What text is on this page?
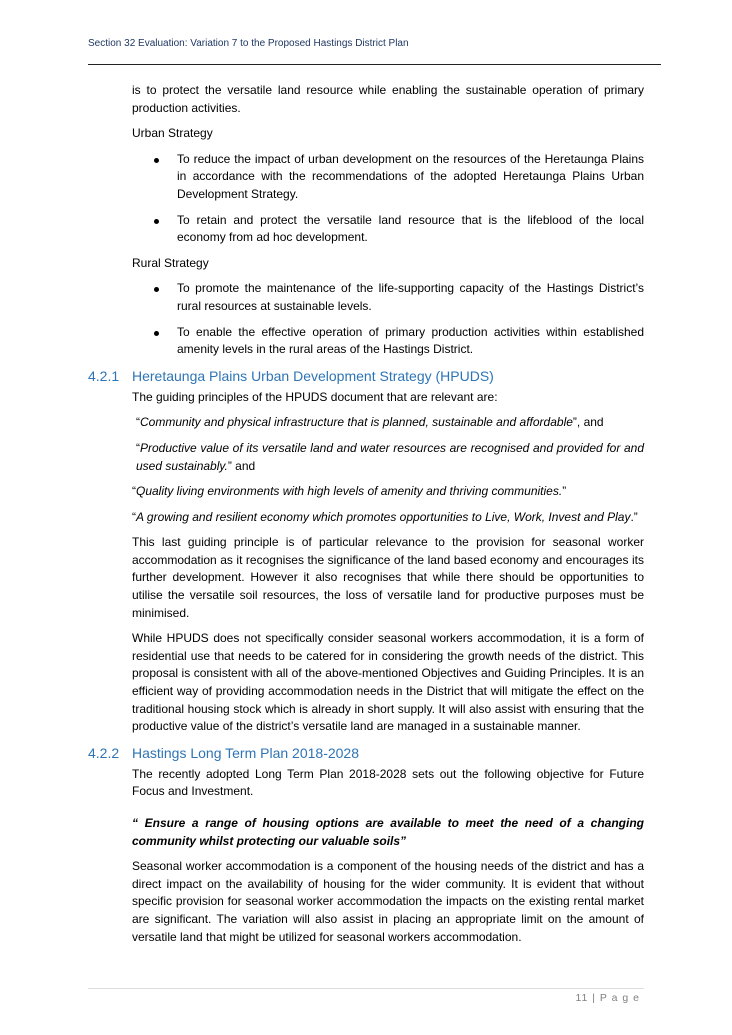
Section 32 Evaluation: Variation 7 to the Proposed Hastings District Plan

is to protect the versatile land resource while enabling the sustainable operation of primary production activities.

Urban Strategy
To reduce the impact of urban development on the resources of the Heretaunga Plains in accordance with the recommendations of the adopted Heretaunga Plains Urban Development Strategy.
To retain and protect the versatile land resource that is the lifeblood of the local economy from ad hoc development.
Rural Strategy
To promote the maintenance of the life-supporting capacity of the Hastings District’s rural resources at sustainable levels.
To enable the effective operation of primary production activities within established amenity levels in the rural areas of the Hastings District.
4.2.1 Heretaunga Plains Urban Development Strategy (HPUDS)

The guiding principles of the HPUDS document that are relevant are:

“Community and physical infrastructure that is planned, sustainable and affordable”, and

“Productive value of its versatile land and water resources are recognised and provided for and used sustainably.” and

“Quality living environments with high levels of amenity and thriving communities.”

“A growing and resilient economy which promotes opportunities to Live, Work, Invest and Play.”

This last guiding principle is of particular relevance to the provision for seasonal worker accommodation as it recognises the significance of the land based economy and encourages its further development. However it also recognises that while there should be opportunities to utilise the versatile soil resources, the loss of versatile land for productive purposes must be minimised.

While HPUDS does not specifically consider seasonal workers accommodation, it is a form of residential use that needs to be catered for in considering the growth needs of the district. This proposal is consistent with all of the above-mentioned Objectives and Guiding Principles. It is an efficient way of providing accommodation needs in the District that will mitigate the effect on the traditional housing stock which is already in short supply. It will also assist with ensuring that the productive value of the district’s versatile land are managed in a sustainable manner.

4.2.2 Hastings Long Term Plan 2018-2028

The recently adopted Long Term Plan 2018-2028 sets out the following objective for Future Focus and Investment.

“ Ensure a range of housing options are available to meet the need of a changing community whilst protecting our valuable soils”

Seasonal worker accommodation is a component of the housing needs of the district and has a direct impact on the availability of housing for the wider community. It is evident that without specific provision for seasonal worker accommodation the impacts on the existing rental market are significant. The variation will also assist in placing an appropriate limit on the amount of versatile land that might be utilized for seasonal workers accommodation.

11 | P a g e
